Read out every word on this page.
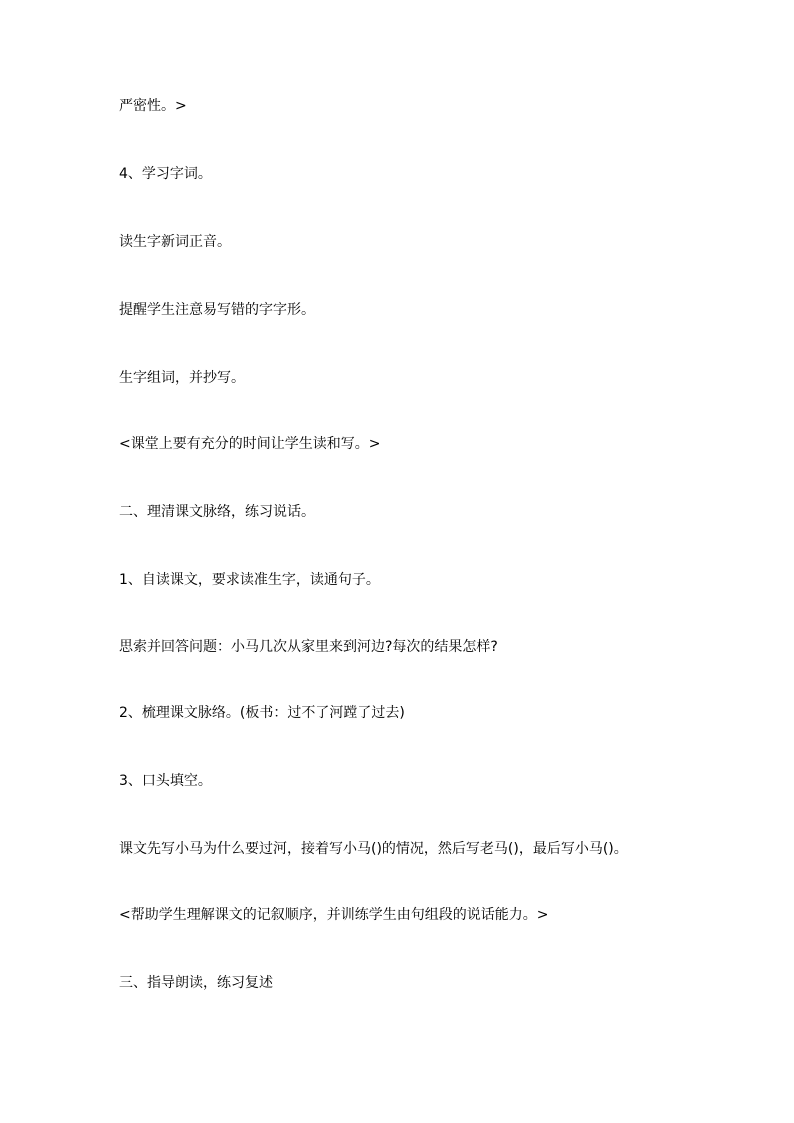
严密性。>
4、学习字词。
读生字新词正音。
提醒学生注意易写错的字字形。
生字组词，并抄写。
<课堂上要有充分的时间让学生读和写。>
二、理清课文脉络，练习说话。
1、自读课文，要求读准生字，读通句子。
思索并回答问题：小马几次从家里来到河边?每次的结果怎样?
2、梳理课文脉络。(板书：过不了河蹚了过去)
3、口头填空。
课文先写小马为什么要过河，接着写小马()的情况，然后写老马()，最后写小马()。
<帮助学生理解课文的记叙顺序，并训练学生由句组段的说话能力。>
三、指导朗读，练习复述
